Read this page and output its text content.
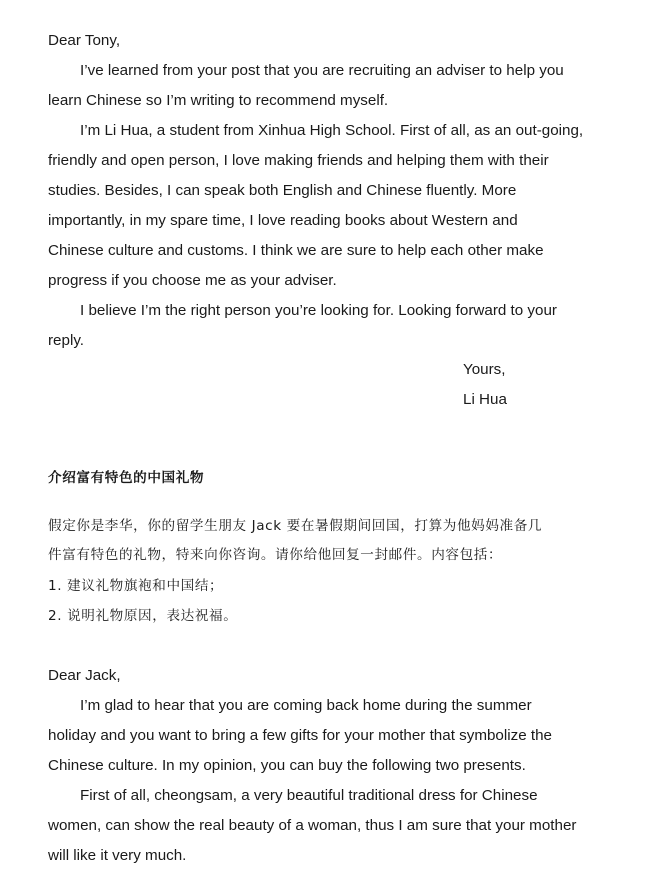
Dear Tony,
I’ve learned from your post that you are recruiting an adviser to help you
learn Chinese so I’m writing to recommend myself.
I’m Li Hua, a student from Xinhua High School. First of all, as an out-going,
friendly and open person, I love making friends and helping them with their
studies. Besides, I can speak both English and Chinese fluently. More
importantly, in my spare time, I love reading books about Western and
Chinese culture and customs. I think we are sure to help each other make
progress if you choose me as your adviser.
I believe I’m the right person you’re looking for. Looking forward to your
reply.
Yours,
Li Hua
介绍富有特色的中国礼物
假定你是李华，你的留学生朋友 Jack 要在暑假期间回国，打算为他妈妈准备几
件富有特色的礼物，特来向你咨询。请你给他回复一封邮件。内容包括：
1. 建议礼物旗袍和中国结；
2. 说明礼物原因，表达祝福。
Dear Jack,
I’m glad to hear that you are coming back home during the summer
holiday and you want to bring a few gifts for your mother that symbolize the
Chinese culture. In my opinion, you can buy the following two presents.
First of all, cheongsam, a very beautiful traditional dress for Chinese
women, can show the real beauty of a woman, thus I am sure that your mother
will like it very much.
